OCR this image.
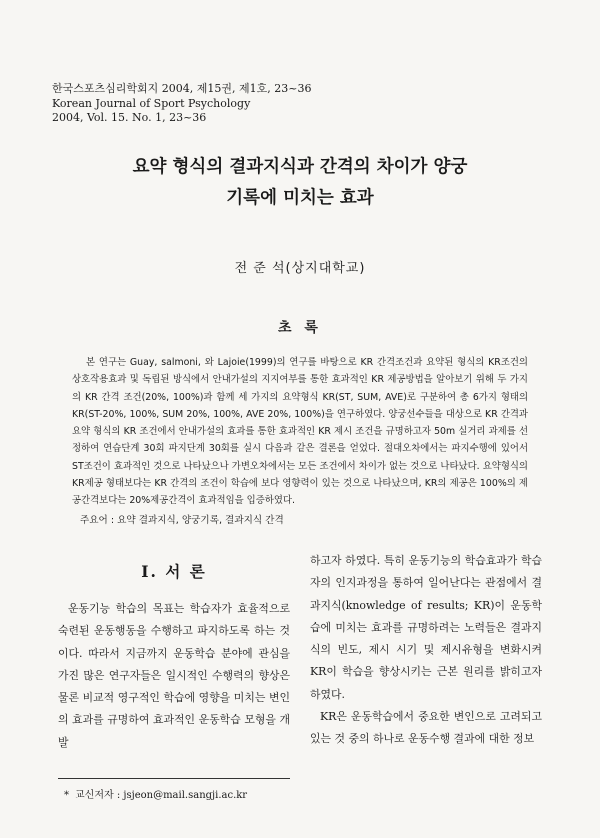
한국스포츠심리학회지 2004, 제15권, 제1호, 23~36
Korean Journal of Sport Psychology
2004, Vol. 15. No. 1, 23~36
요약 형식의 결과지식과 간격의 차이가 양궁
기록에 미치는 효과
전 준 석(상지대학교)
초 록

본 연구는 Guay, salmoni, 와 Lajoie(1999)의 연구를 바탕으로 KR 간격조건과 요약된 형식의 KR조건의 상호작용효과 및 독립된 방식에서 안내가설의 지지여부를 통한 효과적인 KR 제공방법을 알아보기 위해 두 가지의 KR 간격 조건(20%, 100%)과 함께 세 가지의 요약형식 KR(ST, SUM, AVE)로 구분하여 총 6가지 형태의 KR(ST-20%, 100%, SUM 20%, 100%, AVE 20%, 100%)을 연구하였다. 양궁선수들을 대상으로 KR 간격과 요약 형식의 KR 조건에서 안내가설의 효과를 통한 효과적인 KR 제시 조건을 규명하고자 50m 실거리 과제를 선정하여 연습단계 30회 파지단계 30회를 실시 다음과 같은 결론을 얻었다. 절대오차에서는 파지수행에 있어서 ST조건이 효과적인 것으로 나타났으나 가변오차에서는 모든 조건에서 차이가 없는 것으로 나타났다. 요약형식의 KR제공 형태보다는 KR 간격의 조건이 학습에 보다 영향력이 있는 것으로 나타났으며, KR의 제공은 100%의 제공간격보다는 20%제공간격이 효과적임을 입증하였다.

주요어 : 요약 결과지식, 양궁기록, 결과지식 간격
I. 서 론

운동기능 학습의 목표는 학습자가 효율적으로 숙련된 운동행동을 수행하고 파지하도록 하는 것이다. 따라서 지금까지 운동학습 분야에 관심을 가진 많은 연구자들은 일시적인 수행력의 향상은 물론 비교적 영구적인 학습에 영향을 미치는 변인의 효과를 규명하여 효과적인 운동학습 모형을 개발

하고자 하였다. 특히 운동기능의 학습효과가 학습자의 인지과정을 통하여 일어난다는 관점에서 결과지식(knowledge of results; KR)이 운동학습에 미치는 효과를 규명하려는 노력들은 결과지식의 빈도, 제시 시기 및 제시유형을 변화시켜 KR이 학습을 향상시키는 근본 원리를 밝히고자 하였다.

KR은 운동학습에서 중요한 변인으로 고려되고 있는 것 중의 하나로 운동수행 결과에 대한 정보

* 교신저자 : jsjeon@mail.sangji.ac.kr
